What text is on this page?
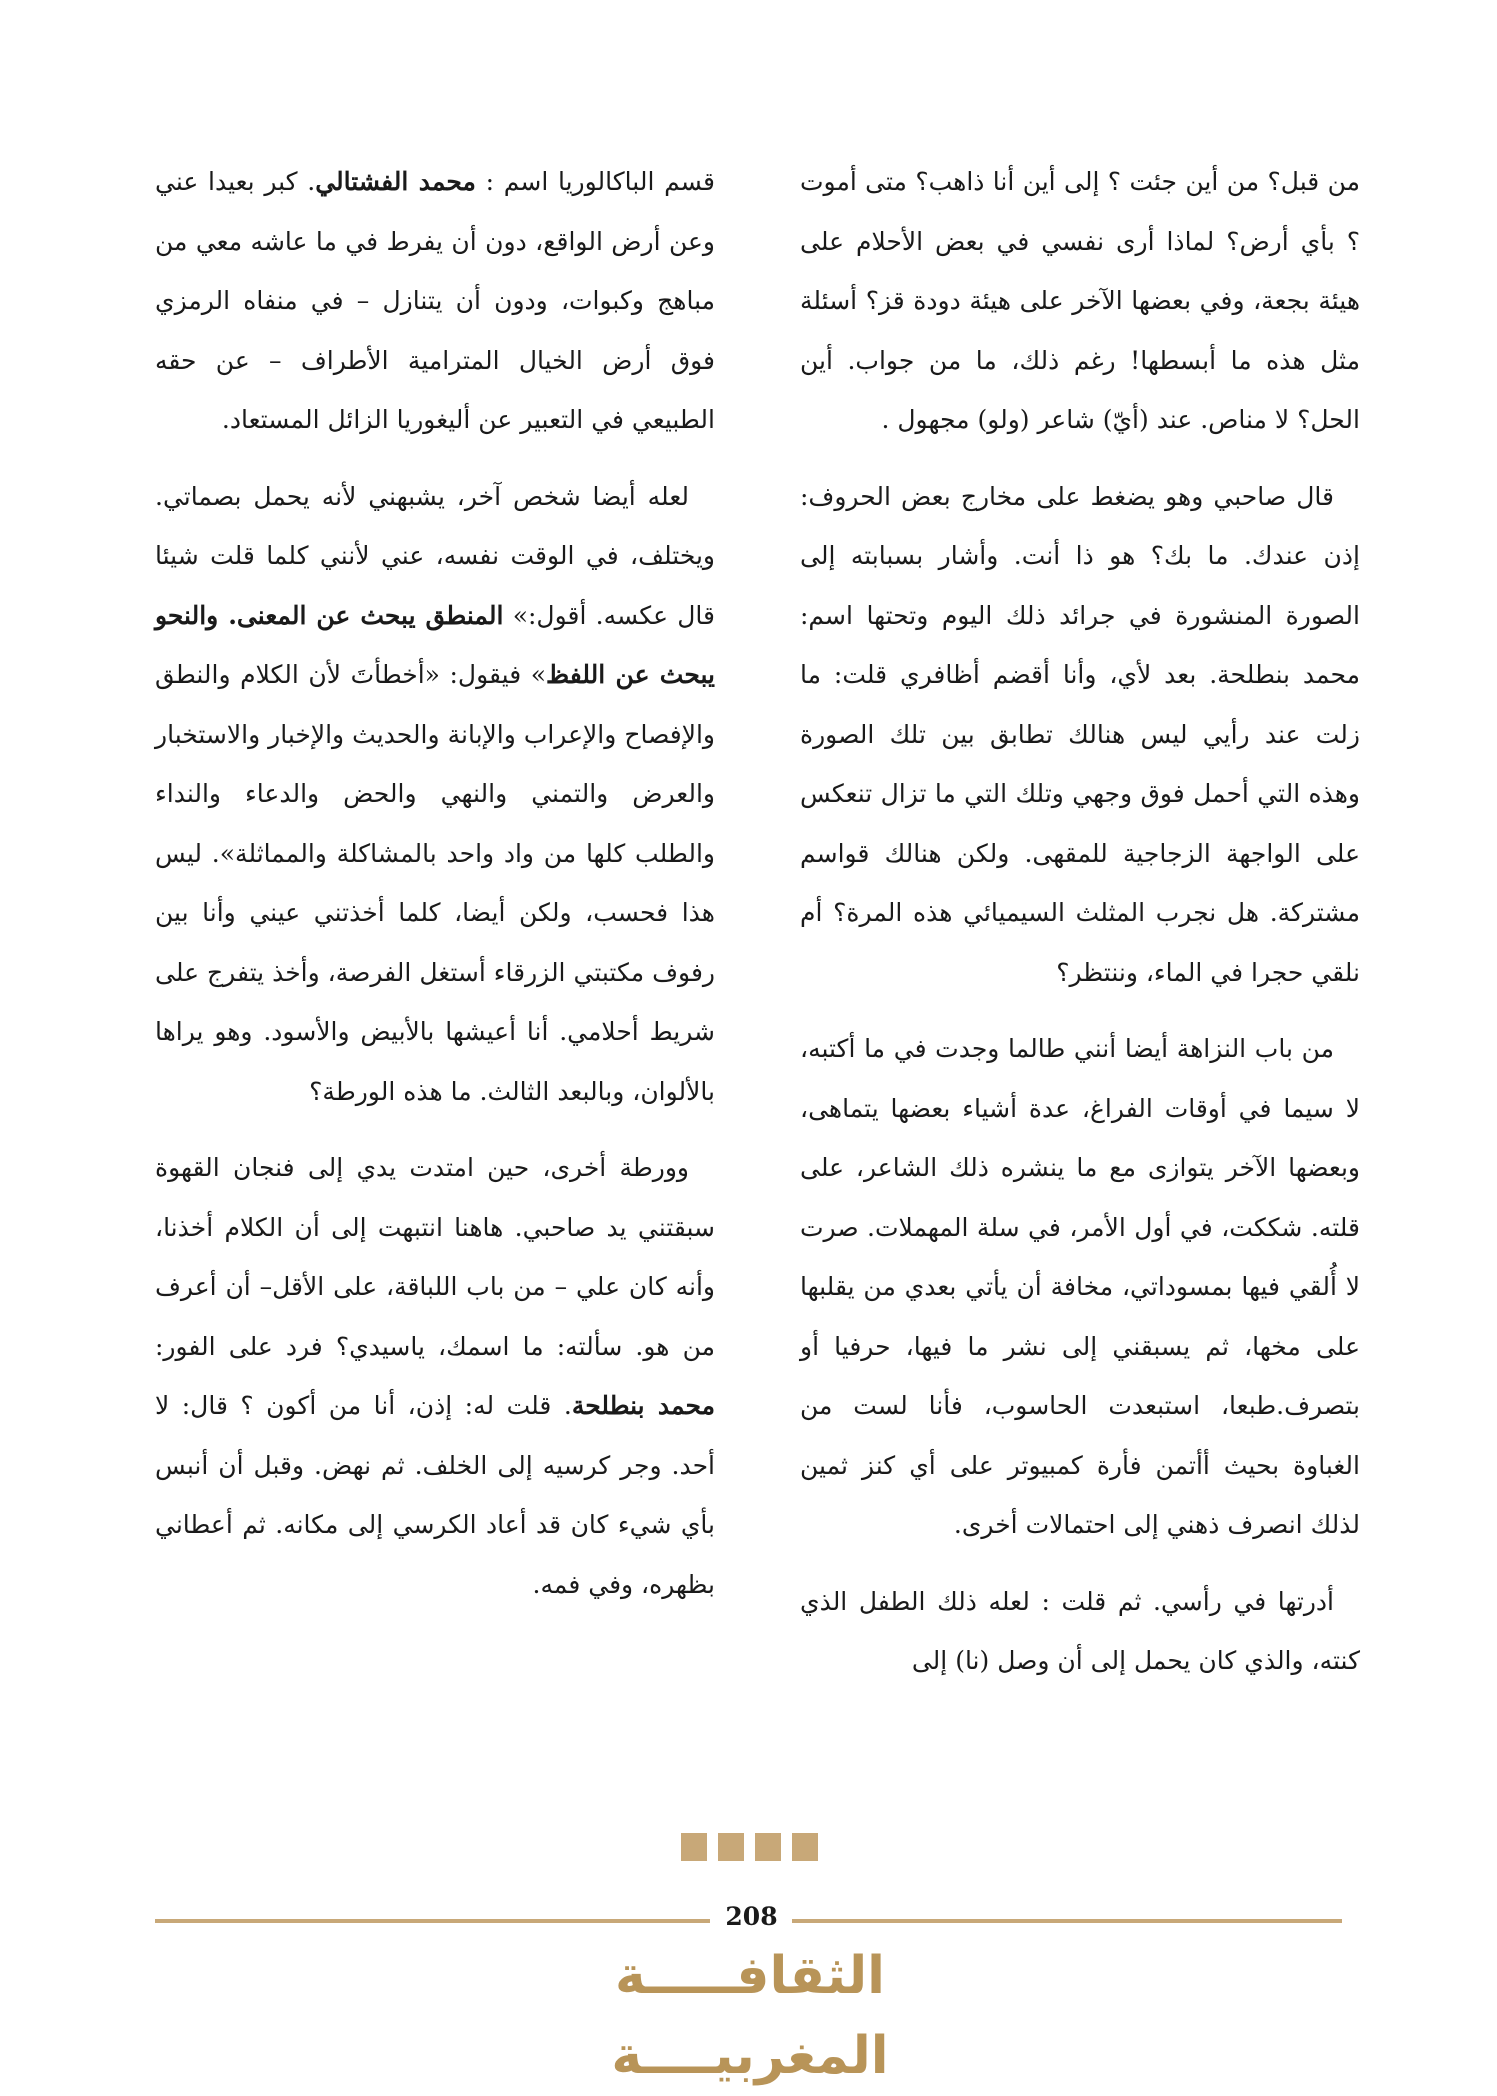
من قبل؟ من أين جئت ؟ إلى أين أنا ذاهب؟ متى أموت ؟ بأي أرض؟ لماذا أرى نفسي في بعض الأحلام على هيئة بجعة، وفي بعضها الآخر على هيئة دودة قز؟ أسئلة مثل هذه ما أبسطها! رغم ذلك، ما من جواب. أين الحل؟ لا مناص. عند (أيّ) شاعر (ولو) مجهول .

قال صاحبي وهو يضغط على مخارج بعض الحروف: إذن عندك. ما بك؟ هو ذا أنت. وأشار بسبابته إلى الصورة المنشورة في جرائد ذلك اليوم وتحتها اسم: محمد بنطلحة. بعد لأي، وأنا أقضم أظافري قلت: ما زلت عند رأيي ليس هنالك تطابق بين تلك الصورة وهذه التي أحمل فوق وجهي وتلك التي ما تزال تنعكس على الواجهة الزجاجية للمقهى. ولكن هنالك قواسم مشتركة. هل نجرب المثلث السيميائي هذه المرة؟ أم نلقي حجرا في الماء، وننتظر؟

من باب النزاهة أيضا أنني طالما وجدت في ما أكتبه، لا سيما في أوقات الفراغ، عدة أشياء بعضها يتماهى، وبعضها الآخر يتوازى مع ما ينشره ذلك الشاعر، على قلته. شككت، في أول الأمر، في سلة المهملات. صرت لا أُلقي فيها بمسوداتي، مخافة أن يأتي بعدي من يقلبها على مخها، ثم يسبقني إلى نشر ما فيها، حرفيا أو بتصرف.طبعا، استبعدت الحاسوب، فأنا لست من الغباوة بحيث أأتمن فأرة كمبيوتر على أي كنز ثمين لذلك انصرف ذهني إلى احتمالات أخرى.

أدرتها في رأسي. ثم قلت : لعله ذلك الطفل الذي كنته، والذي كان يحمل إلى أن وصل (نا) إلى

قسم الباكالوريا اسم : محمد الفشتالي. كبر بعيدا عني وعن أرض الواقع، دون أن يفرط في ما عاشه معي من مباهج وكبوات، ودون أن يتنازل – في منفاه الرمزي فوق أرض الخيال المترامية الأطراف – عن حقه الطبيعي في التعبير عن أليغوريا الزائل المستعاد.

لعله أيضا شخص آخر، يشبهني لأنه يحمل بصماتي. ويختلف، في الوقت نفسه، عني لأنني كلما قلت شيئا قال عكسه. أقول:» المنطق يبحث عن المعنى. والنحو يبحث عن اللفظ» فيقول: «أخطأتَ لأن الكلام والنطق والإفصاح والإعراب والإبانة والحديث والإخبار والاستخبار والعرض والتمني والنهي والحض والدعاء والنداء والطلب كلها من واد واحد بالمشاكلة والمماثلة». ليس هذا فحسب، ولكن أيضا، كلما أخذتني عيني وأنا بين رفوف مكتبتي الزرقاء أستغل الفرصة، وأخذ يتفرج على شريط أحلامي. أنا أعيشها بالأبيض والأسود. وهو يراها بالألوان، وبالبعد الثالث. ما هذه الورطة؟

وورطة أخرى، حين امتدت يدي إلى فنجان القهوة سبقتني يد صاحبي. هاهنا انتبهت إلى أن الكلام أخذنا، وأنه كان علي – من باب اللباقة، على الأقل– أن أعرف من هو. سألته: ما اسمك، ياسيدي؟ فرد على الفور: محمد بنطلحة. قلت له: إذن، أنا من أكون ؟ قال: لا أحد. وجر كرسيه إلى الخلف. ثم نهض. وقبل أن أنبس بأي شيء كان قد أعاد الكرسي إلى مكانه. ثم أعطاني بظهره، وفي فمه.

208
الثقافـــــة المغربيــــة
